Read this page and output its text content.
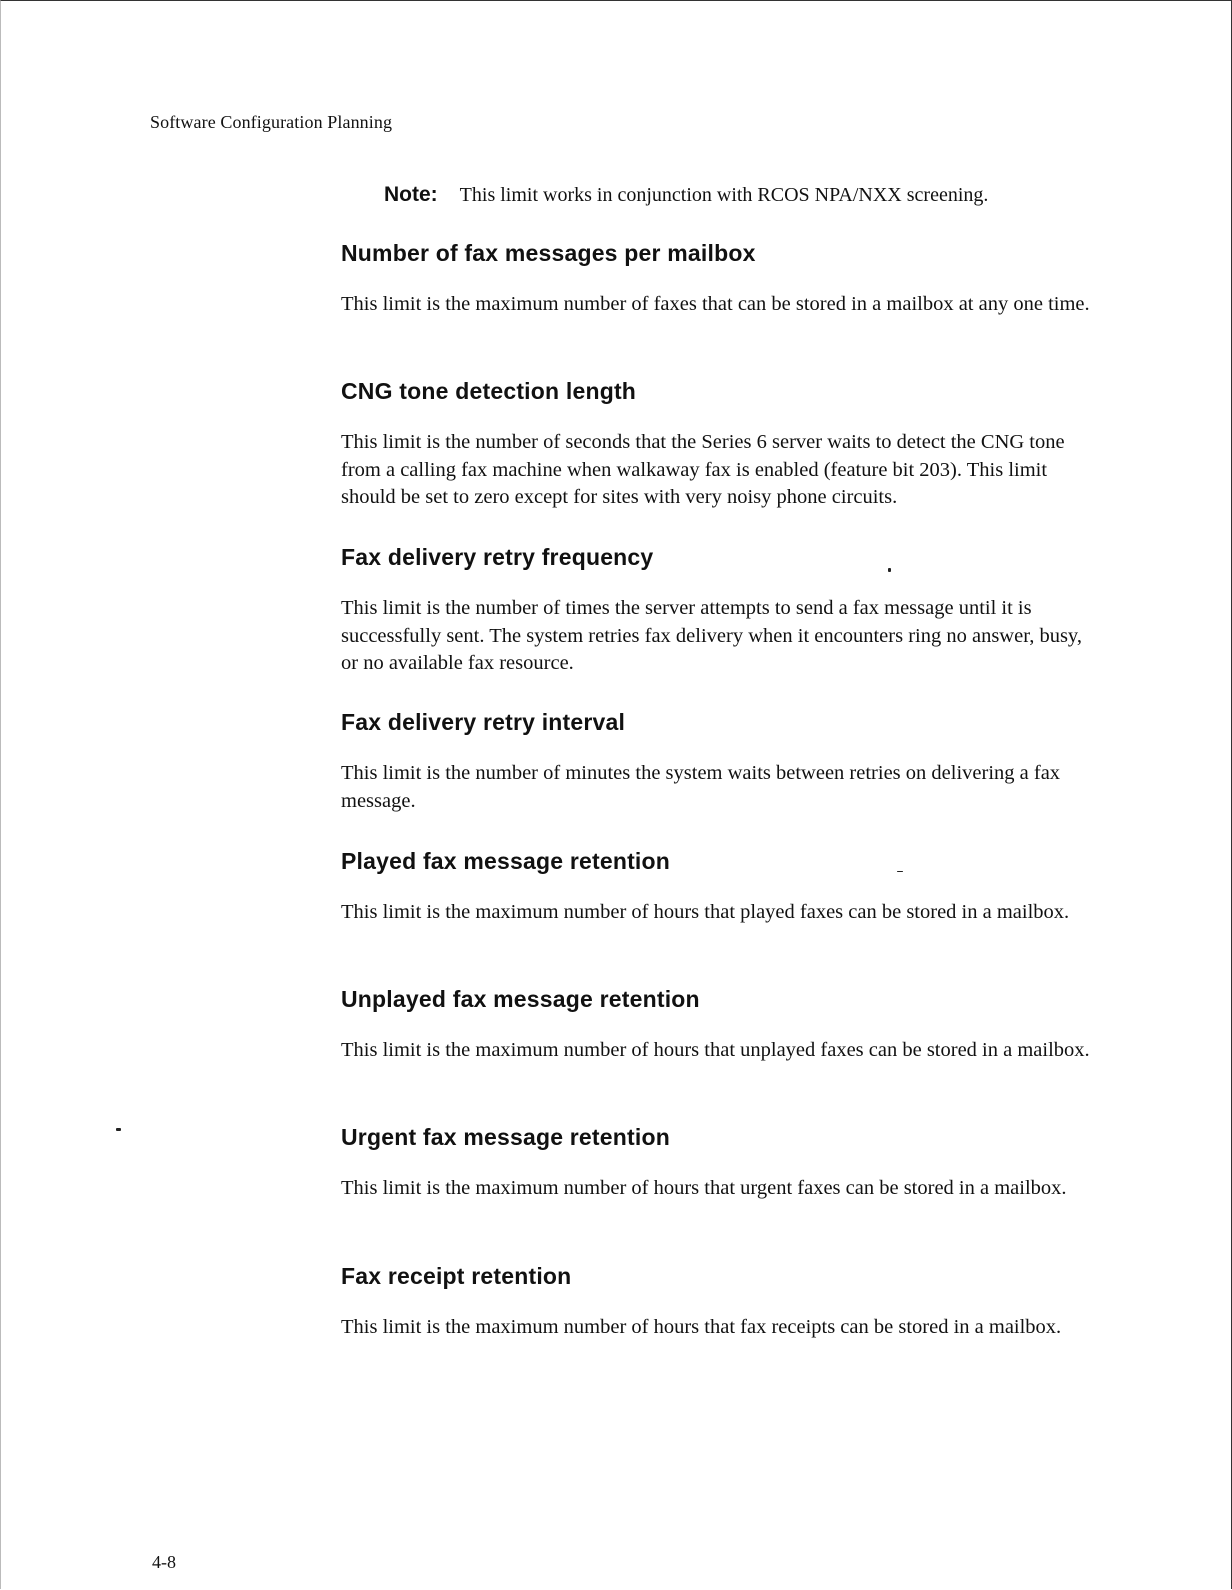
Software Configuration Planning
Note: This limit works in conjunction with RCOS NPA/NXX screening.
Number of fax messages per mailbox
This limit is the maximum number of faxes that can be stored in a mailbox at any one time.
CNG tone detection length
This limit is the number of seconds that the Series 6 server waits to detect the CNG tone from a calling fax machine when walkaway fax is enabled (feature bit 203). This limit should be set to zero except for sites with very noisy phone circuits.
Fax delivery retry frequency
This limit is the number of times the server attempts to send a fax message until it is successfully sent. The system retries fax delivery when it encounters ring no answer, busy, or no available fax resource.
Fax delivery retry interval
This limit is the number of minutes the system waits between retries on delivering a fax message.
Played fax message retention
This limit is the maximum number of hours that played faxes can be stored in a mailbox.
Unplayed fax message retention
This limit is the maximum number of hours that unplayed faxes can be stored in a mailbox.
Urgent fax message retention
This limit is the maximum number of hours that urgent faxes can be stored in a mailbox.
Fax receipt retention
This limit is the maximum number of hours that fax receipts can be stored in a mailbox.
4-8
